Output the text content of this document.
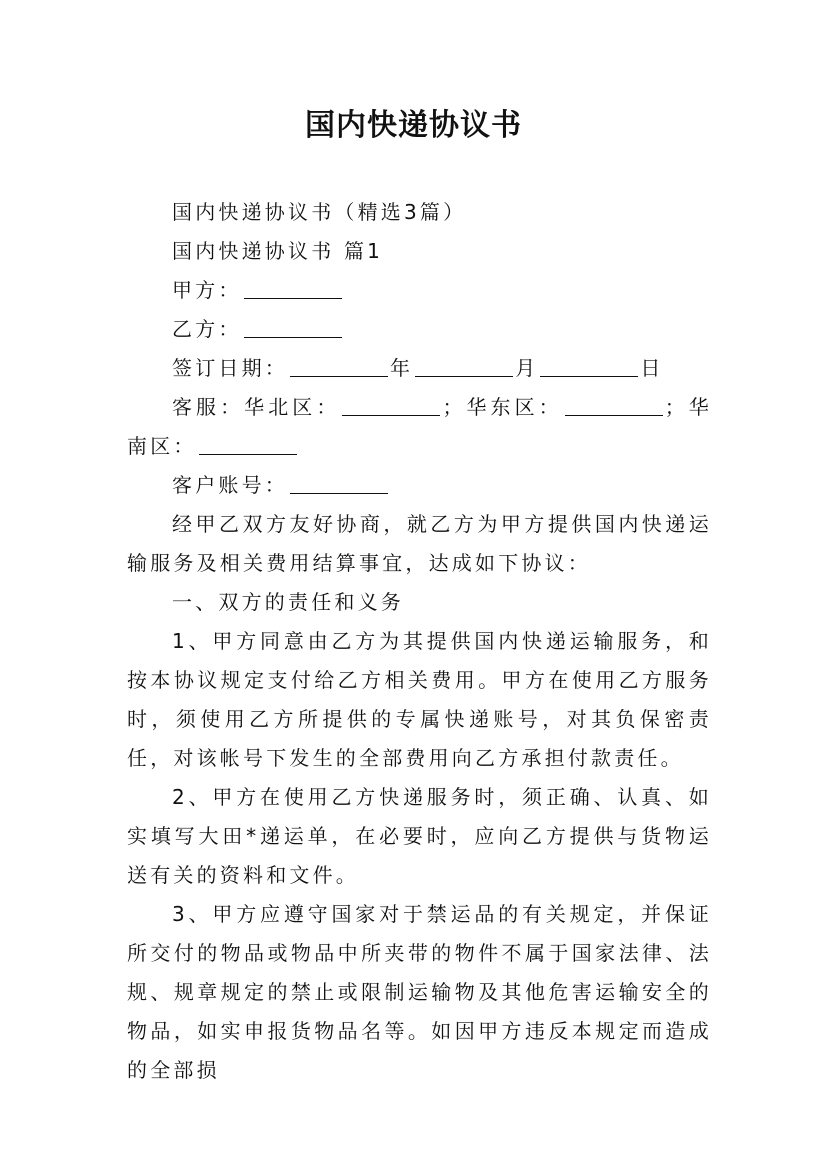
国内快递协议书

国内快递协议书（精选3篇）

国内快递协议书 篇1

甲方：

乙方：

签订日期：	年	月	日

客服：华北区：	；华东区：	；华南区：

客户账号：

经甲乙双方友好协商，就乙方为甲方提供国内快递运输服务及相关费用结算事宜，达成如下协议：

一、双方的责任和义务

1、甲方同意由乙方为其提供国内快递运输服务，和按本协议规定支付给乙方相关费用。甲方在使用乙方服务时，须使用乙方所提供的专属快递账号，对其负保密责任，对该帐号下发生的全部费用向乙方承担付款责任。

2、甲方在使用乙方快递服务时，须正确、认真、如实填写大田*递运单，在必要时，应向乙方提供与货物运送有关的资料和文件。

3、甲方应遵守国家对于禁运品的有关规定，并保证所交付的物品或物品中所夹带的物件不属于国家法律、法规、规章规定的禁止或限制运输物及其他危害运输安全的物品，如实申报货物品名等。如因甲方违反本规定而造成的全部损
